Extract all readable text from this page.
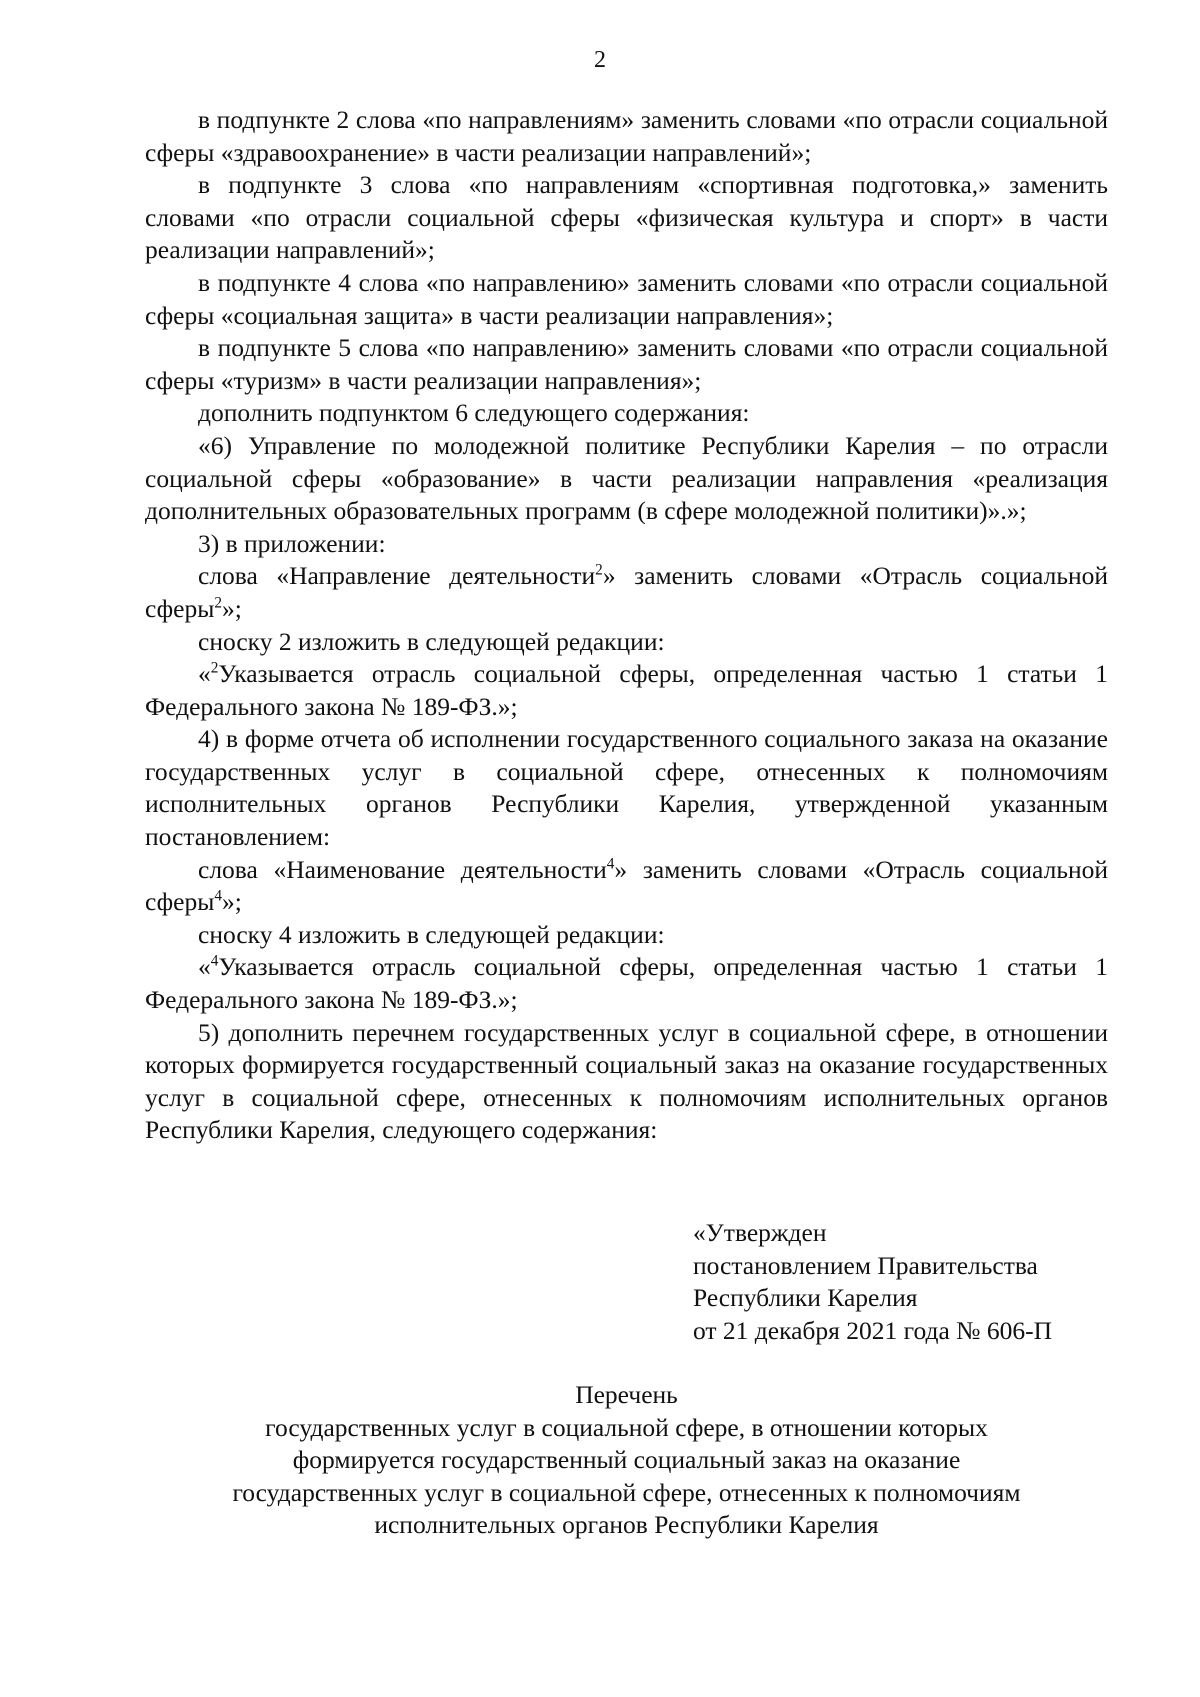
2

в подпункте 2 слова «по направлениям» заменить словами «по отрасли социальной сферы «здравоохранение» в части реализации направлений»;

в подпункте 3 слова «по направлениям «спортивная подготовка,» заменить словами «по отрасли социальной сферы «физическая культура и спорт» в части реализации направлений»;

в подпункте 4 слова «по направлению» заменить словами «по отрасли социальной сферы «социальная защита» в части реализации направления»;

в подпункте 5 слова «по направлению» заменить словами «по отрасли социальной сферы «туризм» в части реализации направления»;

дополнить подпунктом 6 следующего содержания:

«6) Управление по молодежной политике Республики Карелия – по отрасли социальной сферы «образование» в части реализации направления «реализация дополнительных образовательных программ (в сфере молодежной политики)».»;

3) в приложении:

слова «Направление деятельности$^2$» заменить словами «Отрасль социальной сферы$^2$»;

сноску 2 изложить в следующей редакции:

«$^2$Указывается отрасль социальной сферы, определенная частью 1 статьи 1 Федерального закона № 189-ФЗ.»;

4) в форме отчета об исполнении государственного социального заказа на оказание государственных услуг в социальной сфере, отнесенных к полномочиям исполнительных органов Республики Карелия, утвержденной указанным постановлением:

слова «Наименование деятельности$^4$» заменить словами «Отрасль социальной сферы$^4$»;

сноску 4 изложить в следующей редакции:

«$^4$Указывается отрасль социальной сферы, определенная частью 1 статьи 1 Федерального закона № 189-ФЗ.»;

5) дополнить перечнем государственных услуг в социальной сфере, в отношении которых формируется государственный социальный заказ на оказание государственных услуг в социальной сфере, отнесенных к полномочиям исполнительных органов Республики Карелия, следующего содержания:

«Утвержден
постановлением Правительства
Республики Карелия
от 21 декабря 2021 года № 606-П
Перечень
государственных услуг в социальной сфере, в отношении которых
формируется государственный социальный заказ на оказание
государственных услуг в социальной сфере, отнесенных к полномочиям
исполнительных органов Республики Карелия
